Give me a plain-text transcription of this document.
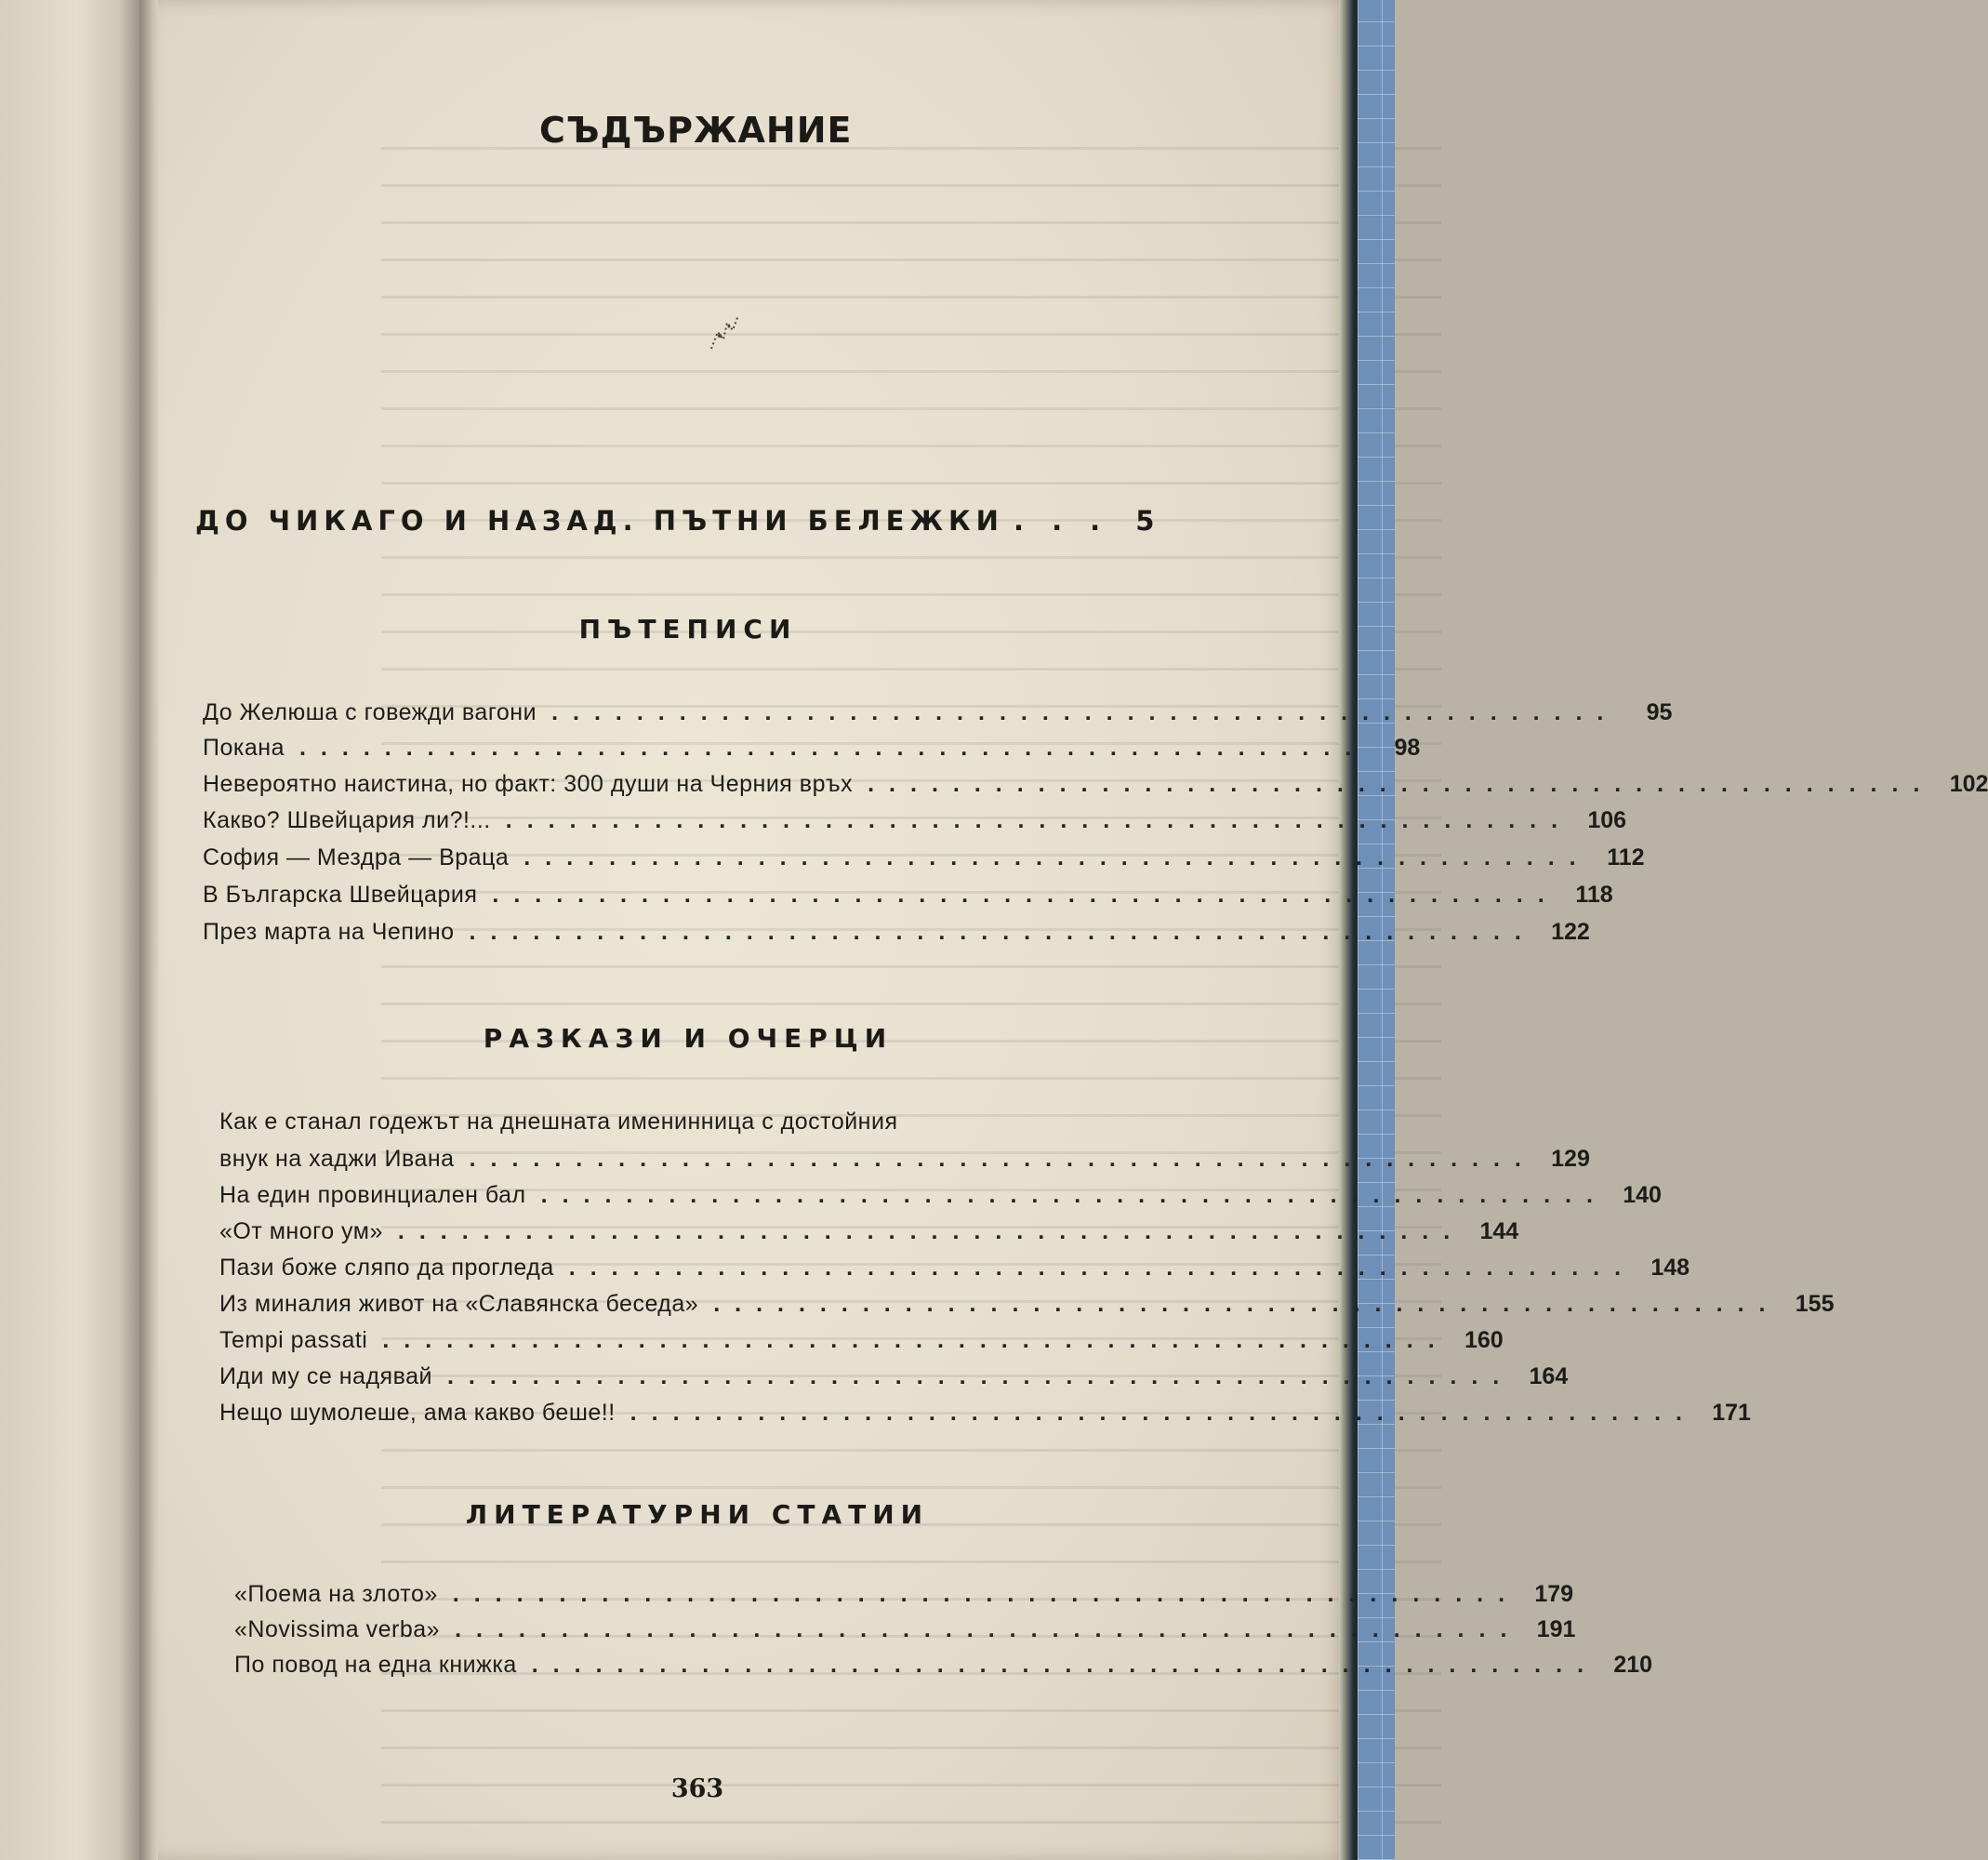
СЪДЪРЖАНИЕ
ДО ЧИКАГО И НАЗАД. ПЪТНИ БЕЛЕЖКИ . . . 5
ПЪТЕПИСИ
До Желюша с говежди вагони ..................................................	95
Покана ..................................................	98
Невероятно наистина, но факт: 300 души на Черния връх .................................................. 102
Какво? Швейцария ли?!... .................................................. 106
София — Мездра — Враца .................................................. 112
В Българска Швейцария .................................................. 118
През марта на Чепино .................................................. 122
РАЗКАЗИ И ОЧЕРЦИ
Как е станал годежът на днешната именинница с достойния
внук на хаджи Ивана .................................................. 129
На един провинциален бал .................................................. 140
«От много ум» .................................................. 144
Пази боже сляпо да прогледа .................................................. 148
Из миналия живот на «Славянска беседа» .................................................. 155
Tempi passati .................................................. 160
Иди му се надявай .................................................. 164
Нещо шумолеше, ама какво беше!! .................................................. 171
ЛИТЕРАТУРНИ СТАТИИ
«Поема на злото» .................................................. 179
«Novissima verba» .................................................. 191
По повод на една книжка .................................................. 210
363
